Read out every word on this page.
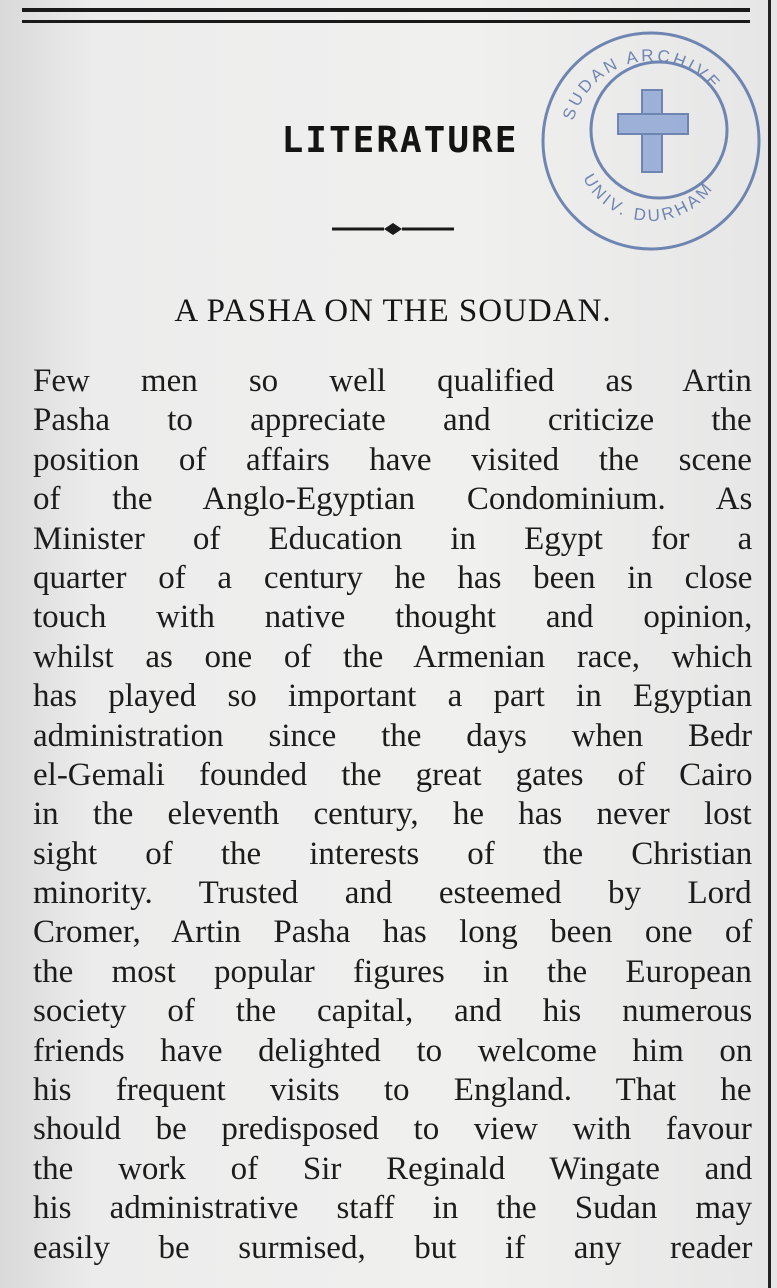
LITERATURE
SUDAN ARCHIVE
UNIV. DURHAM
A PASHA ON THE SOUDAN.
Few men so well qualified as Artin
Pasha to appreciate and criticize the
position of affairs have visited the scene
of the Anglo-Egyptian Condominium. As
Minister of Education in Egypt for a
quarter of a century he has been in close
touch with native thought and opinion,
whilst as one of the Armenian race, which
has played so important a part in Egyptian
administration since the days when Bedr
el-Gemali founded the great gates of Cairo
in the eleventh century, he has never lost
sight of the interests of the Christian
minority. Trusted and esteemed by Lord
Cromer, Artin Pasha has long been one of
the most popular figures in the European
society of the capital, and his numerous
friends have delighted to welcome him on
his frequent visits to England. That he
should be predisposed to view with favour
the work of Sir Reginald Wingate and
his administrative staff in the Sudan may
easily be surmised, but if any reader
